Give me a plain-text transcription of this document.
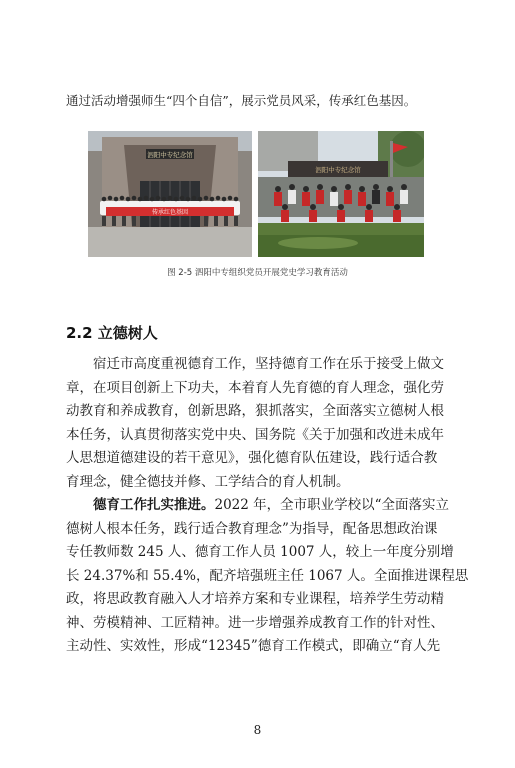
通过活动增强师生“四个自信”，展示党员风采，传承红色基因。
泗阳中专纪念馆
传承红色基因
泗阳中专纪念馆
图 2-5 泗阳中专组织党员开展党史学习教育活动
2.2 立德树人
宿迁市高度重视德育工作，坚持德育工作在乐于接受上做文
章，在项目创新上下功夫，本着育人先育德的育人理念，强化劳
动教育和养成教育，创新思路，狠抓落实，全面落实立德树人根
本任务，认真贯彻落实党中央、国务院《关于加强和改进未成年
人思想道德建设的若干意见》，强化德育队伍建设，践行适合教
育理念，健全德技并修、工学结合的育人机制。
德育工作扎实推进。2022 年，全市职业学校以“全面落实立
德树人根本任务，践行适合教育理念”为指导，配备思想政治课
专任教师数 245 人、德育工作人员 1007 人，较上一年度分别增
长 24.37%和 55.4%，配齐培强班主任 1067 人。全面推进课程思
政，将思政教育融入人才培养方案和专业课程，培养学生劳动精
神、劳模精神、工匠精神。进一步增强养成教育工作的针对性、
主动性、实效性，形成“12345”德育工作模式，即确立“育人先
8
